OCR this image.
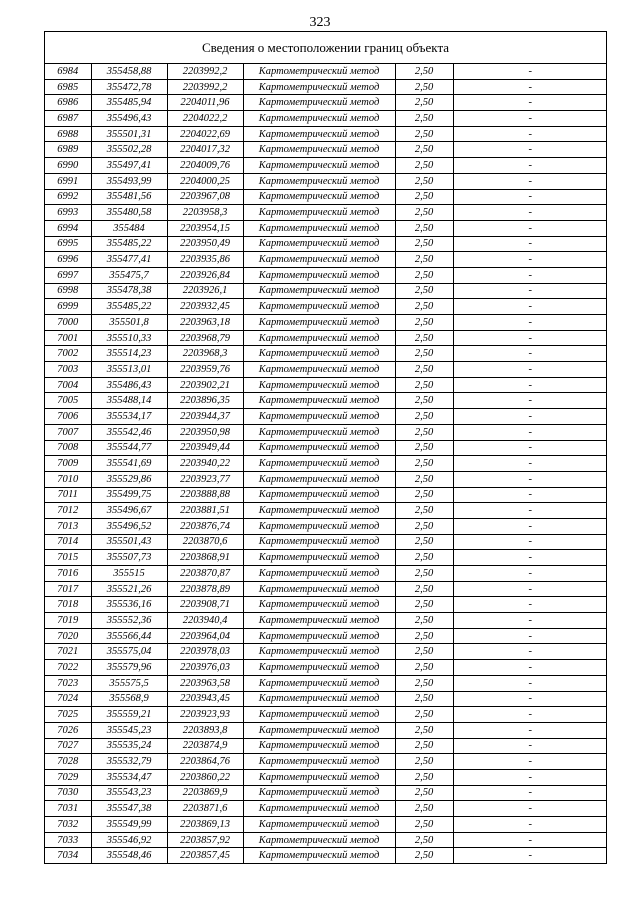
323
Сведения о местоположении границ объекта
6984	355458,88	2203992,2	Картометрический метод	2,50	-
6985	355472,78	2203992,2	Картометрический метод	2,50	-
6986	355485,94	2204011,96	Картометрический метод	2,50	-
6987	355496,43	2204022,2	Картометрический метод	2,50	-
6988	355501,31	2204022,69	Картометрический метод	2,50	-
6989	355502,28	2204017,32	Картометрический метод	2,50	-
6990	355497,41	2204009,76	Картометрический метод	2,50	-
6991	355493,99	2204000,25	Картометрический метод	2,50	-
6992	355481,56	2203967,08	Картометрический метод	2,50	-
6993	355480,58	2203958,3	Картометрический метод	2,50	-
6994	355484	2203954,15	Картометрический метод	2,50	-
6995	355485,22	2203950,49	Картометрический метод	2,50	-
6996	355477,41	2203935,86	Картометрический метод	2,50	-
6997	355475,7	2203926,84	Картометрический метод	2,50	-
6998	355478,38	2203926,1	Картометрический метод	2,50	-
6999	355485,22	2203932,45	Картометрический метод	2,50	-
7000	355501,8	2203963,18	Картометрический метод	2,50	-
7001	355510,33	2203968,79	Картометрический метод	2,50	-
7002	355514,23	2203968,3	Картометрический метод	2,50	-
7003	355513,01	2203959,76	Картометрический метод	2,50	-
7004	355486,43	2203902,21	Картометрический метод	2,50	-
7005	355488,14	2203896,35	Картометрический метод	2,50	-
7006	355534,17	2203944,37	Картометрический метод	2,50	-
7007	355542,46	2203950,98	Картометрический метод	2,50	-
7008	355544,77	2203949,44	Картометрический метод	2,50	-
7009	355541,69	2203940,22	Картометрический метод	2,50	-
7010	355529,86	2203923,77	Картометрический метод	2,50	-
7011	355499,75	2203888,88	Картометрический метод	2,50	-
7012	355496,67	2203881,51	Картометрический метод	2,50	-
7013	355496,52	2203876,74	Картометрический метод	2,50	-
7014	355501,43	2203870,6	Картометрический метод	2,50	-
7015	355507,73	2203868,91	Картометрический метод	2,50	-
7016	355515	2203870,87	Картометрический метод	2,50	-
7017	355521,26	2203878,89	Картометрический метод	2,50	-
7018	355536,16	2203908,71	Картометрический метод	2,50	-
7019	355552,36	2203940,4	Картометрический метод	2,50	-
7020	355566,44	2203964,04	Картометрический метод	2,50	-
7021	355575,04	2203978,03	Картометрический метод	2,50	-
7022	355579,96	2203976,03	Картометрический метод	2,50	-
7023	355575,5	2203963,58	Картометрический метод	2,50	-
7024	355568,9	2203943,45	Картометрический метод	2,50	-
7025	355559,21	2203923,93	Картометрический метод	2,50	-
7026	355545,23	2203893,8	Картометрический метод	2,50	-
7027	355535,24	2203874,9	Картометрический метод	2,50	-
7028	355532,79	2203864,76	Картометрический метод	2,50	-
7029	355534,47	2203860,22	Картометрический метод	2,50	-
7030	355543,23	2203869,9	Картометрический метод	2,50	-
7031	355547,38	2203871,6	Картометрический метод	2,50	-
7032	355549,99	2203869,13	Картометрический метод	2,50	-
7033	355546,92	2203857,92	Картометрический метод	2,50	-
7034	355548,46	2203857,45	Картометрический метод	2,50	-
